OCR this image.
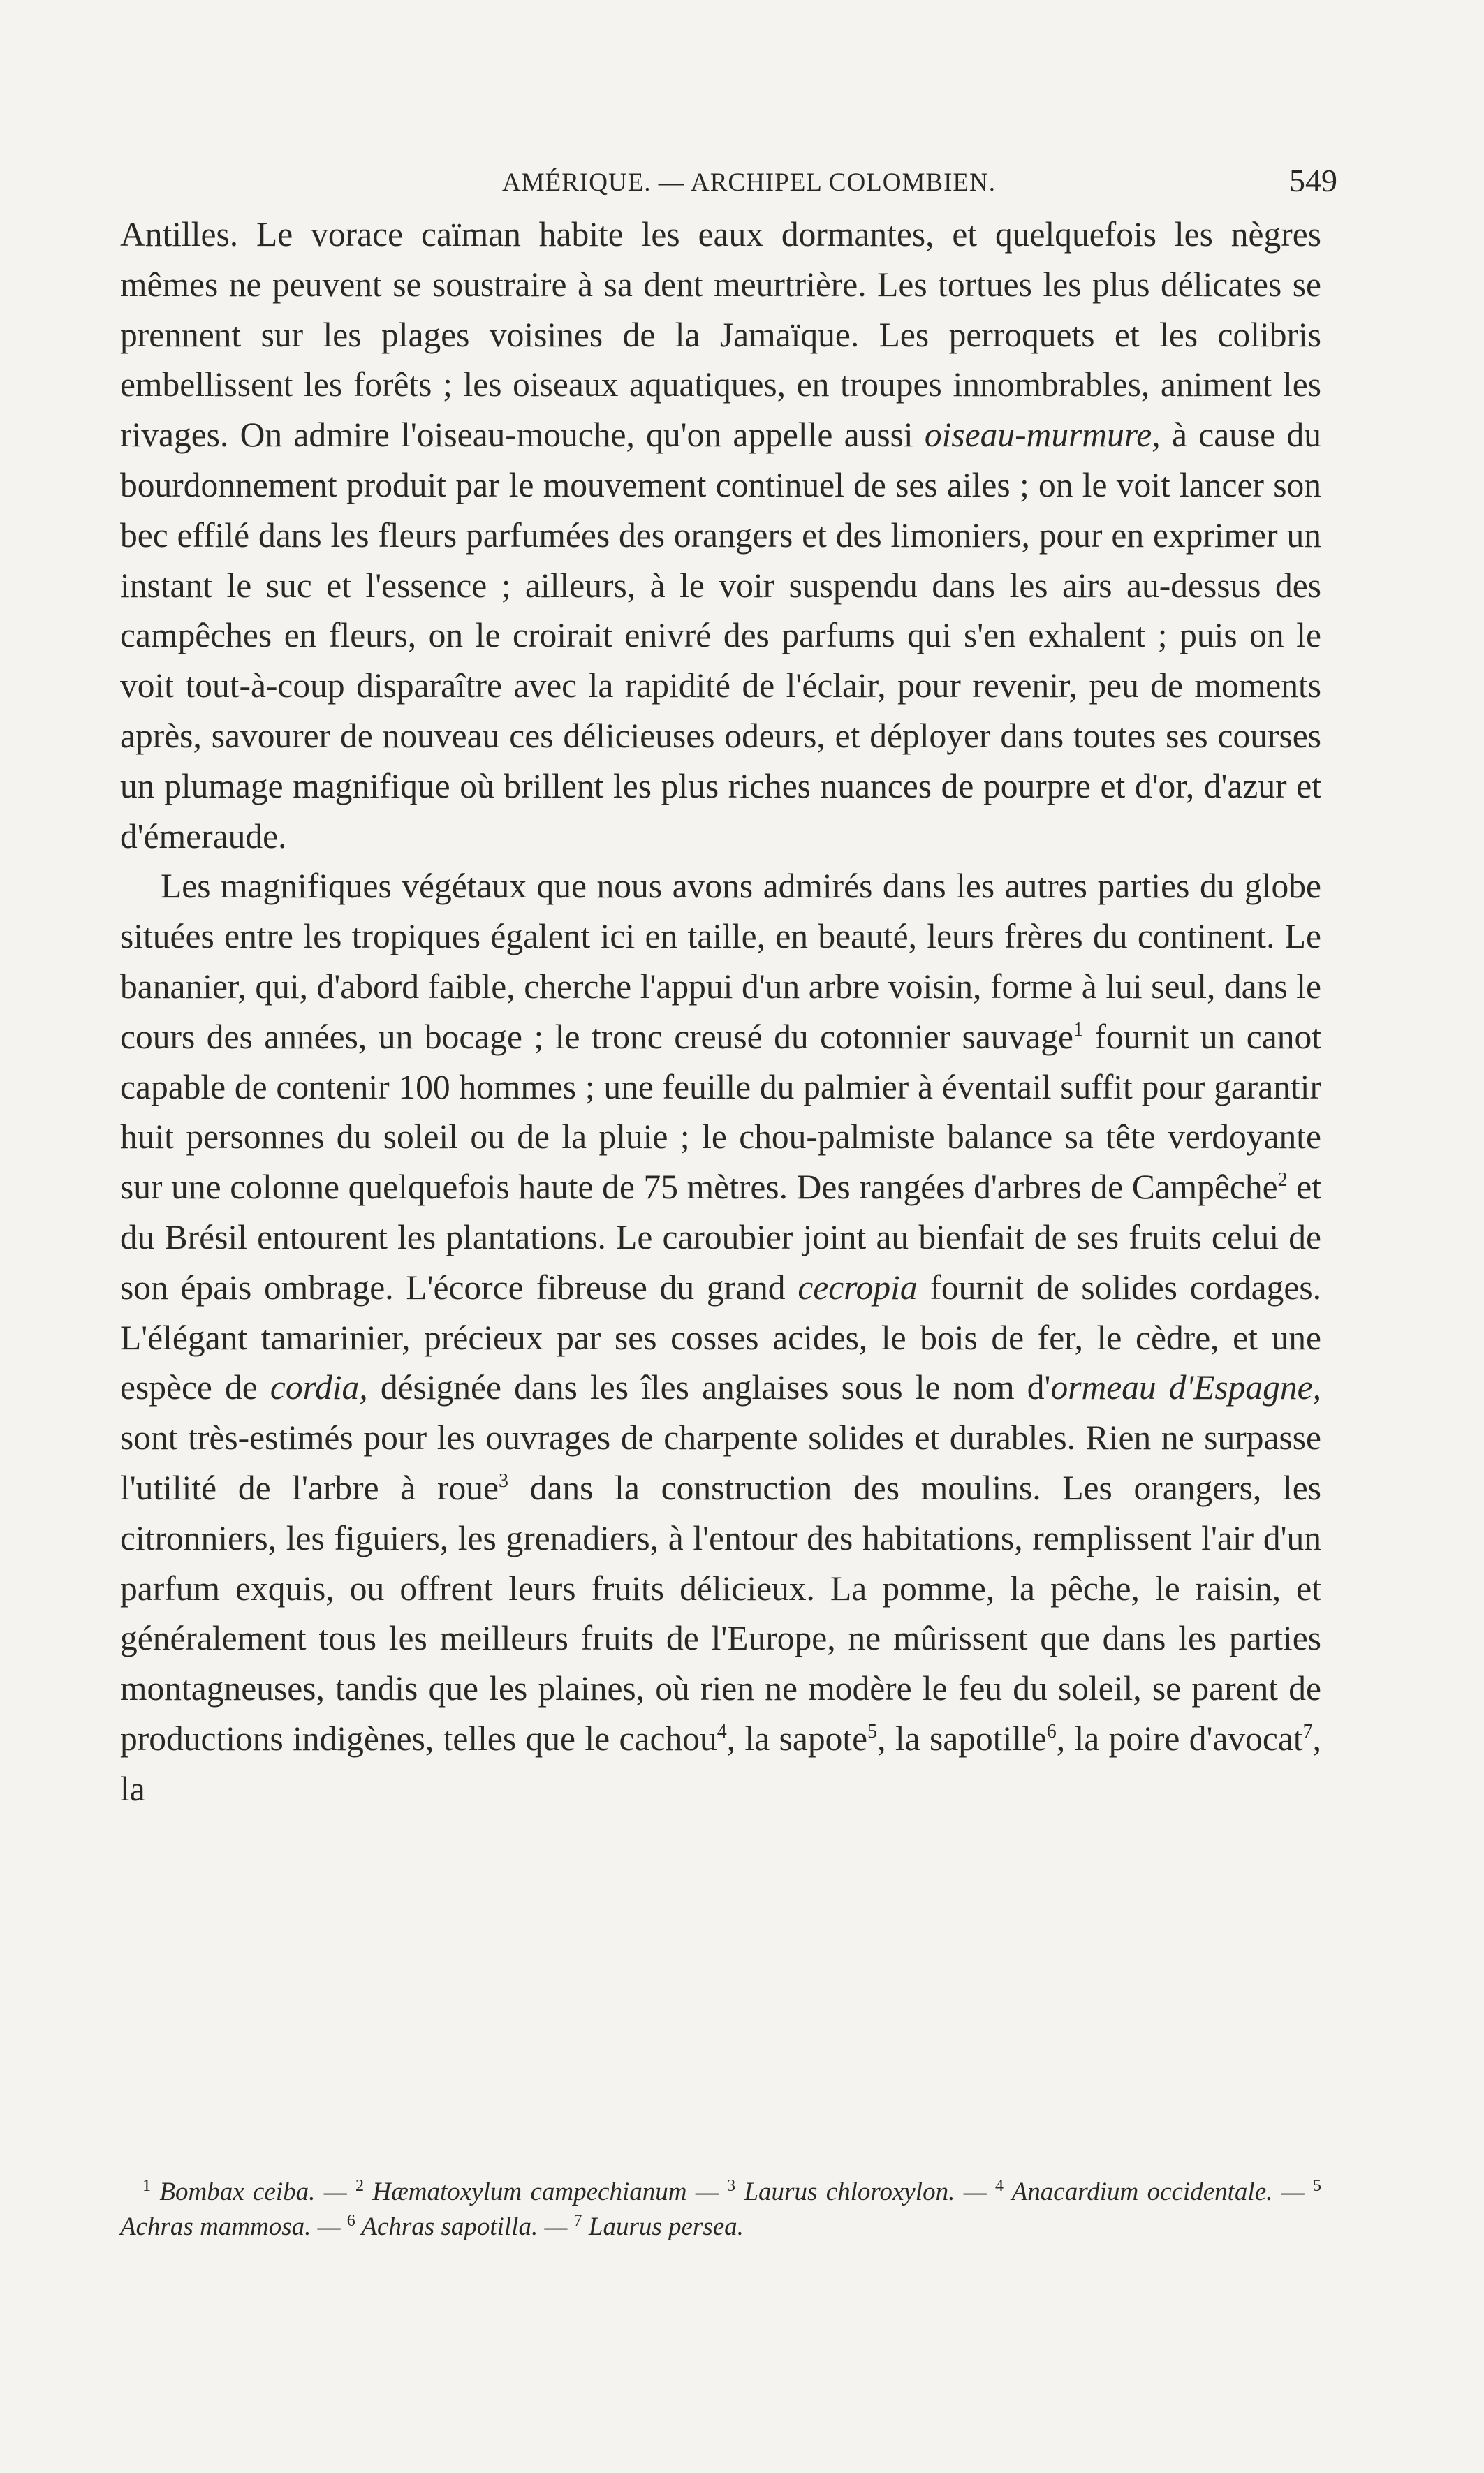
AMÉRIQUE. — ARCHIPEL COLOMBIEN.	549

Antilles. Le vorace caïman habite les eaux dormantes, et quelquefois les nègres mêmes ne peuvent se soustraire à sa dent meurtrière. Les tortues les plus délicates se prennent sur les plages voisines de la Jamaïque. Les perroquets et les colibris embellissent les forêts ; les oiseaux aquatiques, en troupes innombrables, animent les rivages. On admire l'oiseau-mouche, qu'on appelle aussi oiseau-murmure, à cause du bourdonnement produit par le mouvement continuel de ses ailes ; on le voit lancer son bec effilé dans les fleurs parfumées des orangers et des limoniers, pour en exprimer un instant le suc et l'essence ; ailleurs, à le voir suspendu dans les airs au-dessus des campêches en fleurs, on le croirait enivré des parfums qui s'en exhalent ; puis on le voit tout-à-coup disparaître avec la rapidité de l'éclair, pour revenir, peu de moments après, savourer de nouveau ces délicieuses odeurs, et déployer dans toutes ses courses un plumage magnifique où brillent les plus riches nuances de pourpre et d'or, d'azur et d'émeraude.

Les magnifiques végétaux que nous avons admirés dans les autres parties du globe situées entre les tropiques égalent ici en taille, en beauté, leurs frères du continent. Le bananier, qui, d'abord faible, cherche l'appui d'un arbre voisin, forme à lui seul, dans le cours des années, un bocage ; le tronc creusé du cotonnier sauvage$^1$ fournit un canot capable de contenir 100 hommes ; une feuille du palmier à éventail suffit pour garantir huit personnes du soleil ou de la pluie ; le chou-palmiste balance sa tête verdoyante sur une colonne quelquefois haute de 75 mètres. Des rangées d'arbres de Campêche$^2$ et du Brésil entourent les plantations. Le caroubier joint au bienfait de ses fruits celui de son épais ombrage. L'écorce fibreuse du grand cecropia fournit de solides cordages. L'élégant tamarinier, précieux par ses cosses acides, le bois de fer, le cèdre, et une espèce de cordia, désignée dans les îles anglaises sous le nom d'ormeau d'Espagne, sont très-estimés pour les ouvrages de charpente solides et durables. Rien ne surpasse l'utilité de l'arbre à roue$^3$ dans la construction des moulins. Les orangers, les citronniers, les figuiers, les grenadiers, à l'entour des habitations, remplissent l'air d'un parfum exquis, ou offrent leurs fruits délicieux. La pomme, la pêche, le raisin, et généralement tous les meilleurs fruits de l'Europe, ne mûrissent que dans les parties montagneuses, tandis que les plaines, où rien ne modère le feu du soleil, se parent de productions indigènes, telles que le cachou$^4$, la sapote$^5$, la sapotille$^6$, la poire d'avocat$^7$, la

$^1$ Bombax ceiba. — $^2$ Hæmatoxylum campechianum — $^3$ Laurus chloroxylon. — $^4$ Anacardium occidentale. — $^5$ Achras mammosa. — $^6$ Achras sapotilla. — $^7$ Laurus persea.
